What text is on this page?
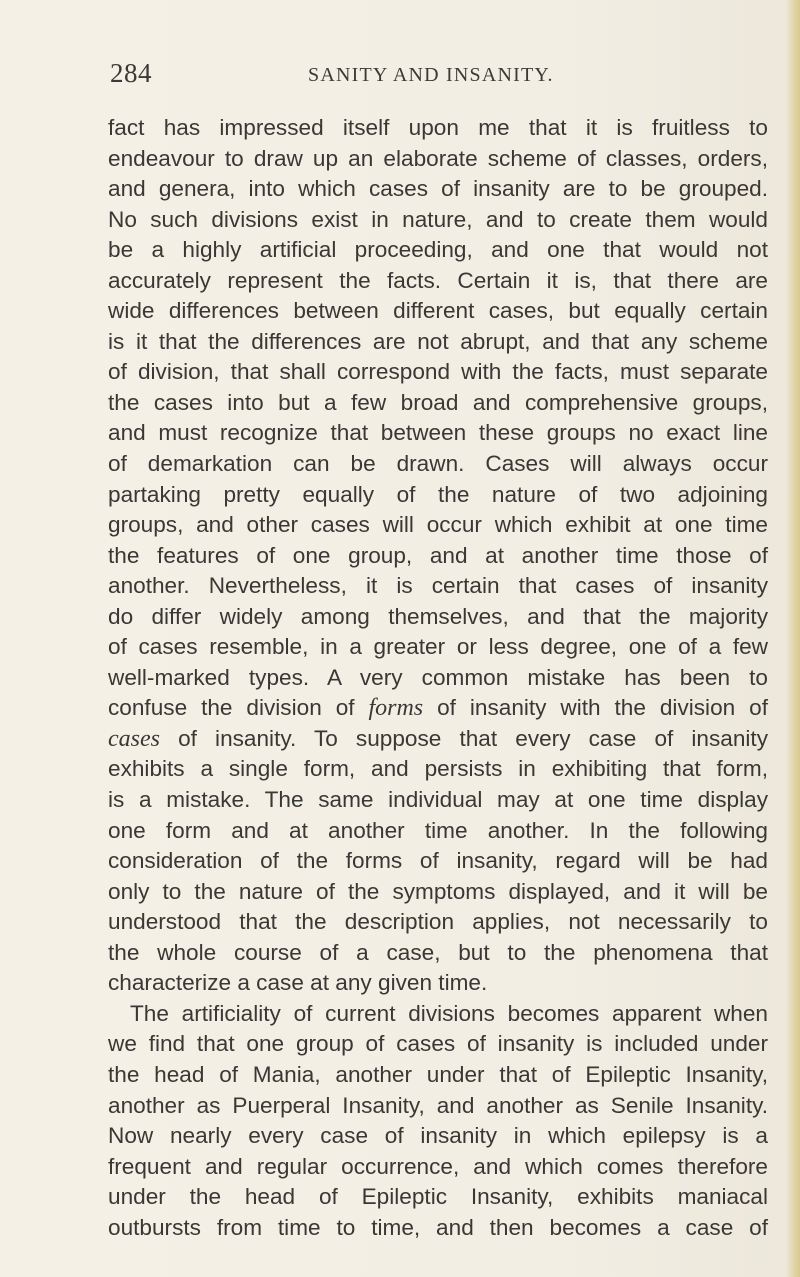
284	SANITY AND INSANITY.
fact has impressed itself upon me that it is fruitless to
endeavour to draw up an elaborate scheme of classes, orders,
and genera, into which cases of insanity are to be grouped.
No such divisions exist in nature, and to create them would
be a highly artificial proceeding, and one that would not
accurately represent the facts. Certain it is, that there are
wide differences between different cases, but equally certain
is it that the differences are not abrupt, and that any scheme
of division, that shall correspond with the facts, must separate
the cases into but a few broad and comprehensive groups,
and must recognize that between these groups no exact line
of demarkation can be drawn. Cases will always occur
partaking pretty equally of the nature of two adjoining
groups, and other cases will occur which exhibit at one time
the features of one group, and at another time those of
another. Nevertheless, it is certain that cases of insanity
do differ widely among themselves, and that the majority
of cases resemble, in a greater or less degree, one of a few
well-marked types. A very common mistake has been to
confuse the division of forms of insanity with the division of
cases of insanity. To suppose that every case of insanity
exhibits a single form, and persists in exhibiting that form,
is a mistake. The same individual may at one time display
one form and at another time another. In the following
consideration of the forms of insanity, regard will be had
only to the nature of the symptoms displayed, and it will be
understood that the description applies, not necessarily to
the whole course of a case, but to the phenomena that
characterize a case at any given time.
The artificiality of current divisions becomes apparent when
we find that one group of cases of insanity is included under
the head of Mania, another under that of Epileptic Insanity,
another as Puerperal Insanity, and another as Senile Insanity.
Now nearly every case of insanity in which epilepsy is a
frequent and regular occurrence, and which comes therefore
under the head of Epileptic Insanity, exhibits maniacal
outbursts from time to time, and then becomes a case of
